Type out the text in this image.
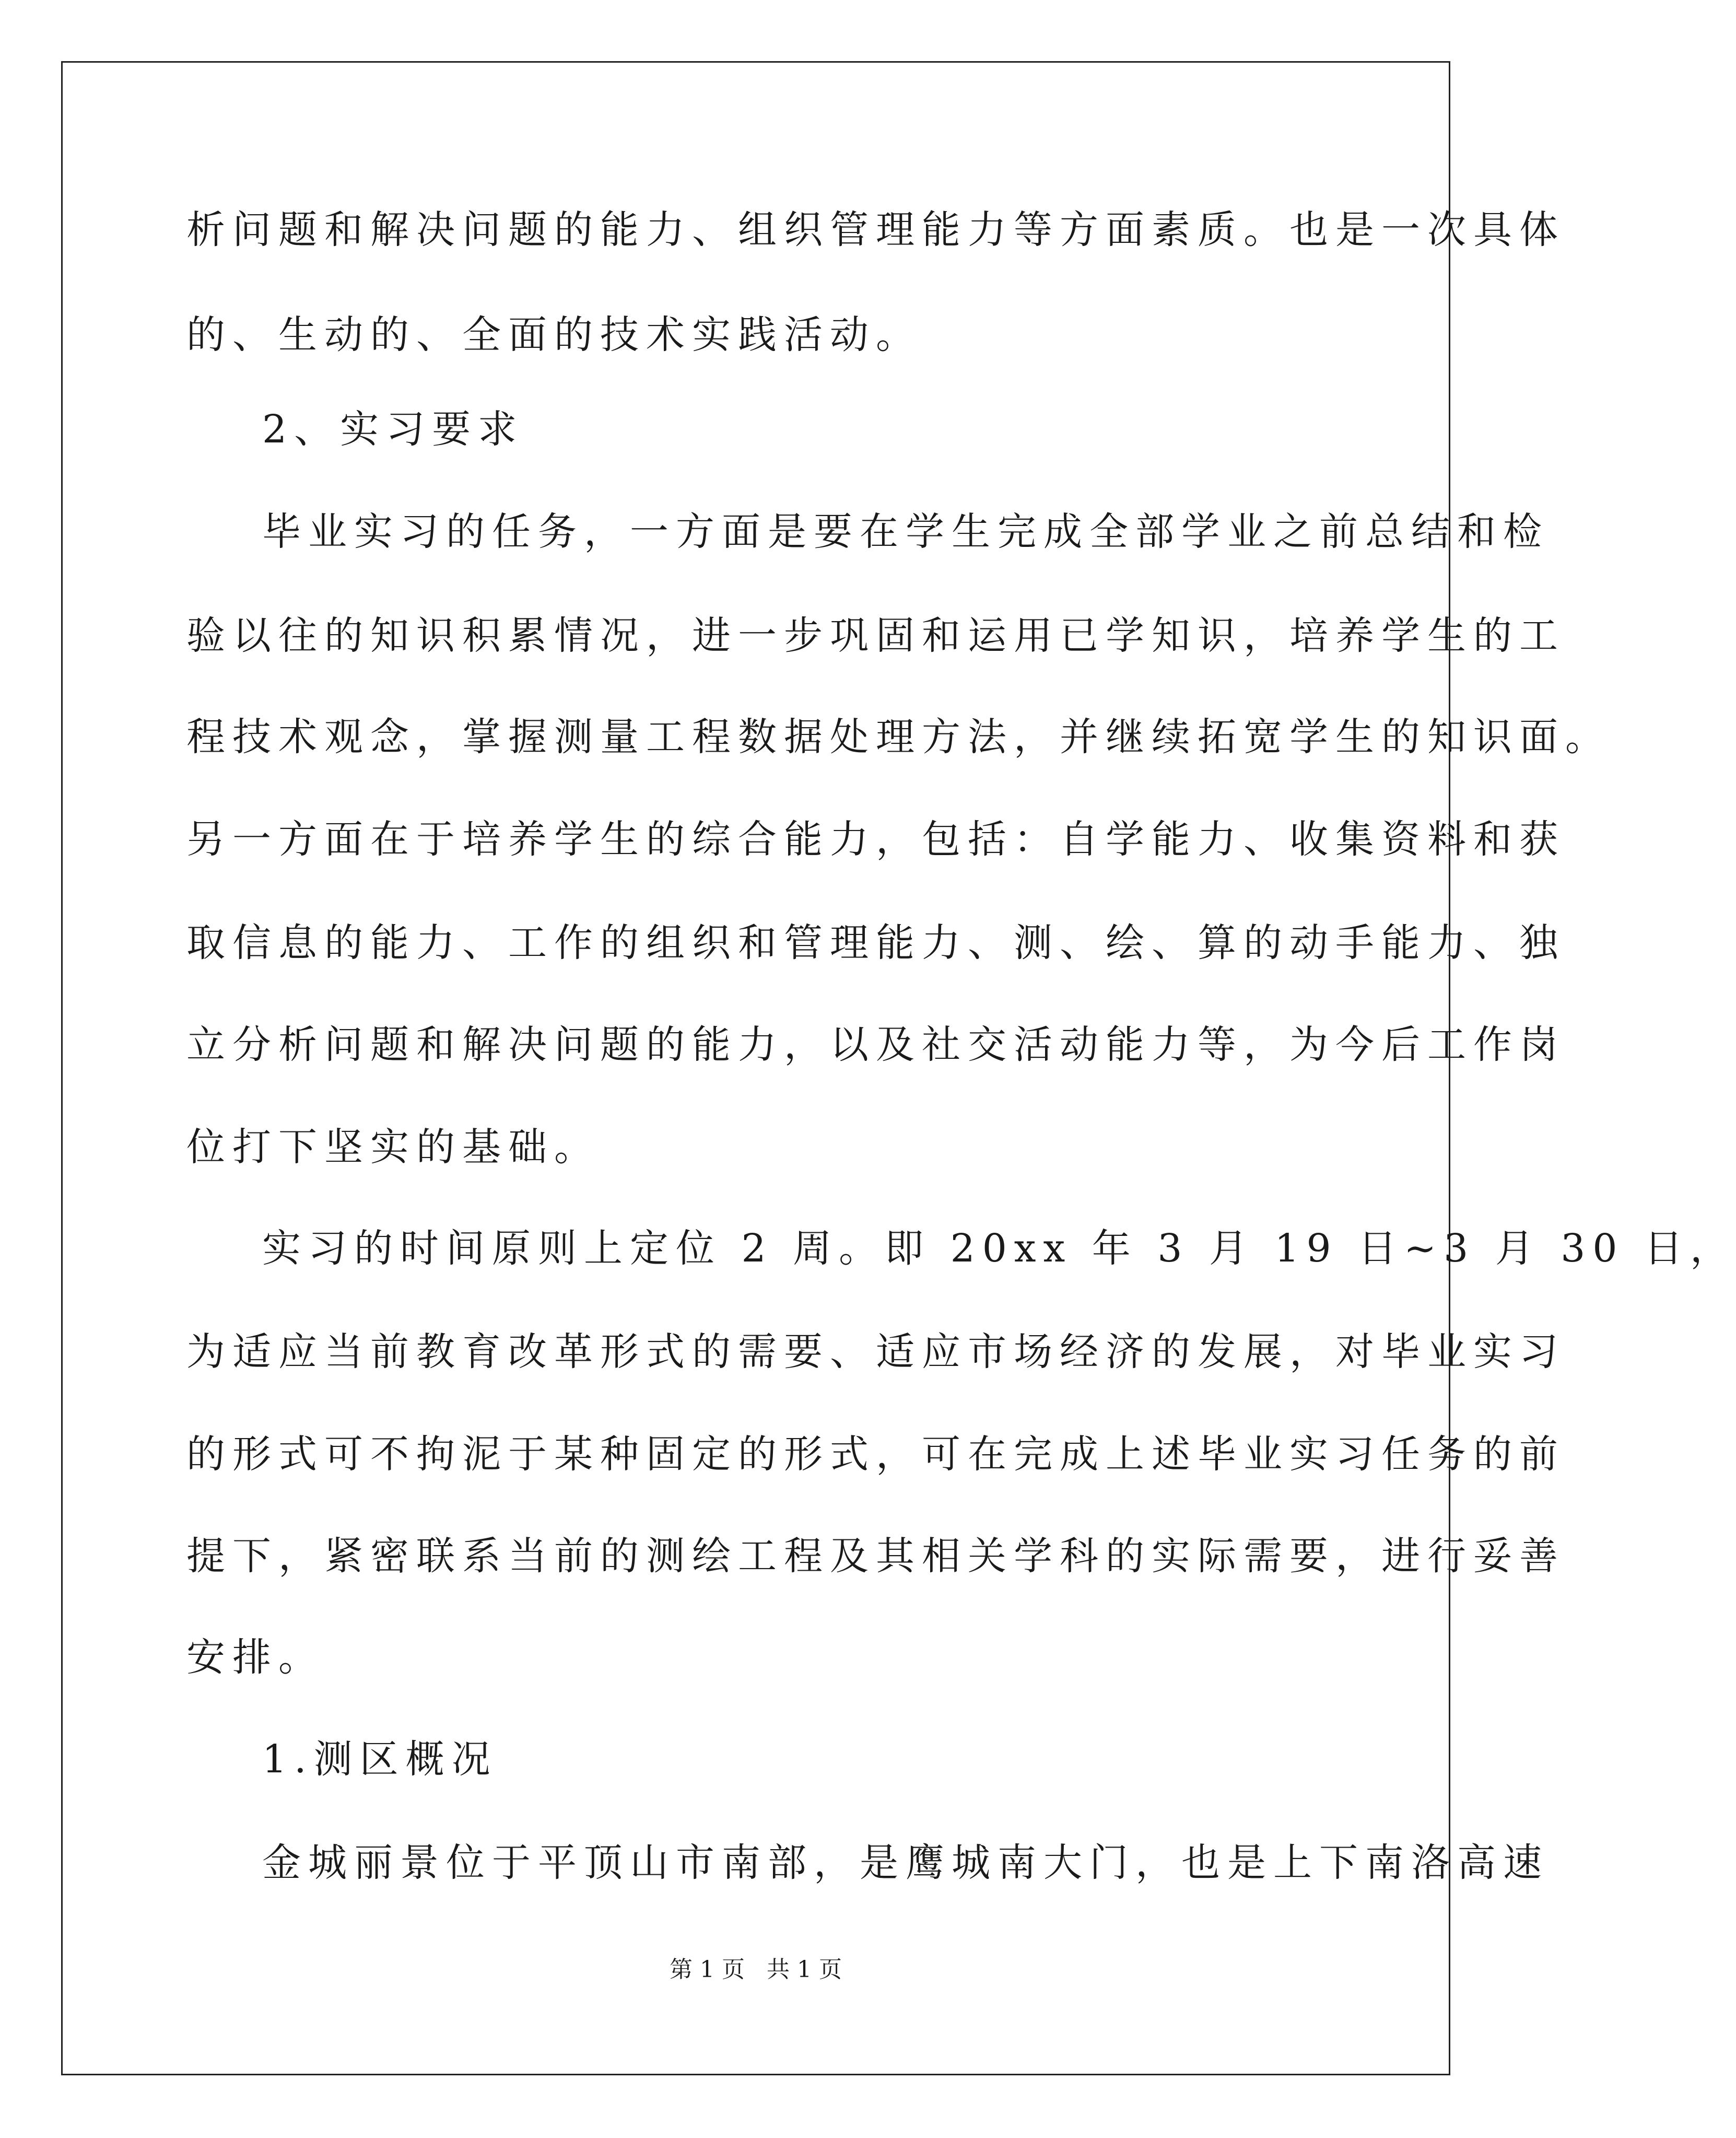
析问题和解决问题的能力、组织管理能力等方面素质。也是一次具体
的、生动的、全面的技术实践活动。
2、实习要求
毕业实习的任务，一方面是要在学生完成全部学业之前总结和检
验以往的知识积累情况，进一步巩固和运用已学知识，培养学生的工
程技术观念，掌握测量工程数据处理方法，并继续拓宽学生的知识面。
另一方面在于培养学生的综合能力，包括：自学能力、收集资料和获
取信息的能力、工作的组织和管理能力、测、绘、算的动手能力、独
立分析问题和解决问题的能力，以及社交活动能力等，为今后工作岗
位打下坚实的基础。
实习的时间原则上定位 2 周。即 20xx 年 3 月 19 日~3 月 30 日，
为适应当前教育改革形式的需要、适应市场经济的发展，对毕业实习
的形式可不拘泥于某种固定的形式，可在完成上述毕业实习任务的前
提下，紧密联系当前的测绘工程及其相关学科的实际需要，进行妥善
安排。
1.测区概况
金城丽景位于平顶山市南部，是鹰城南大门，也是上下南洛高速
第 1 页   共 1 页
